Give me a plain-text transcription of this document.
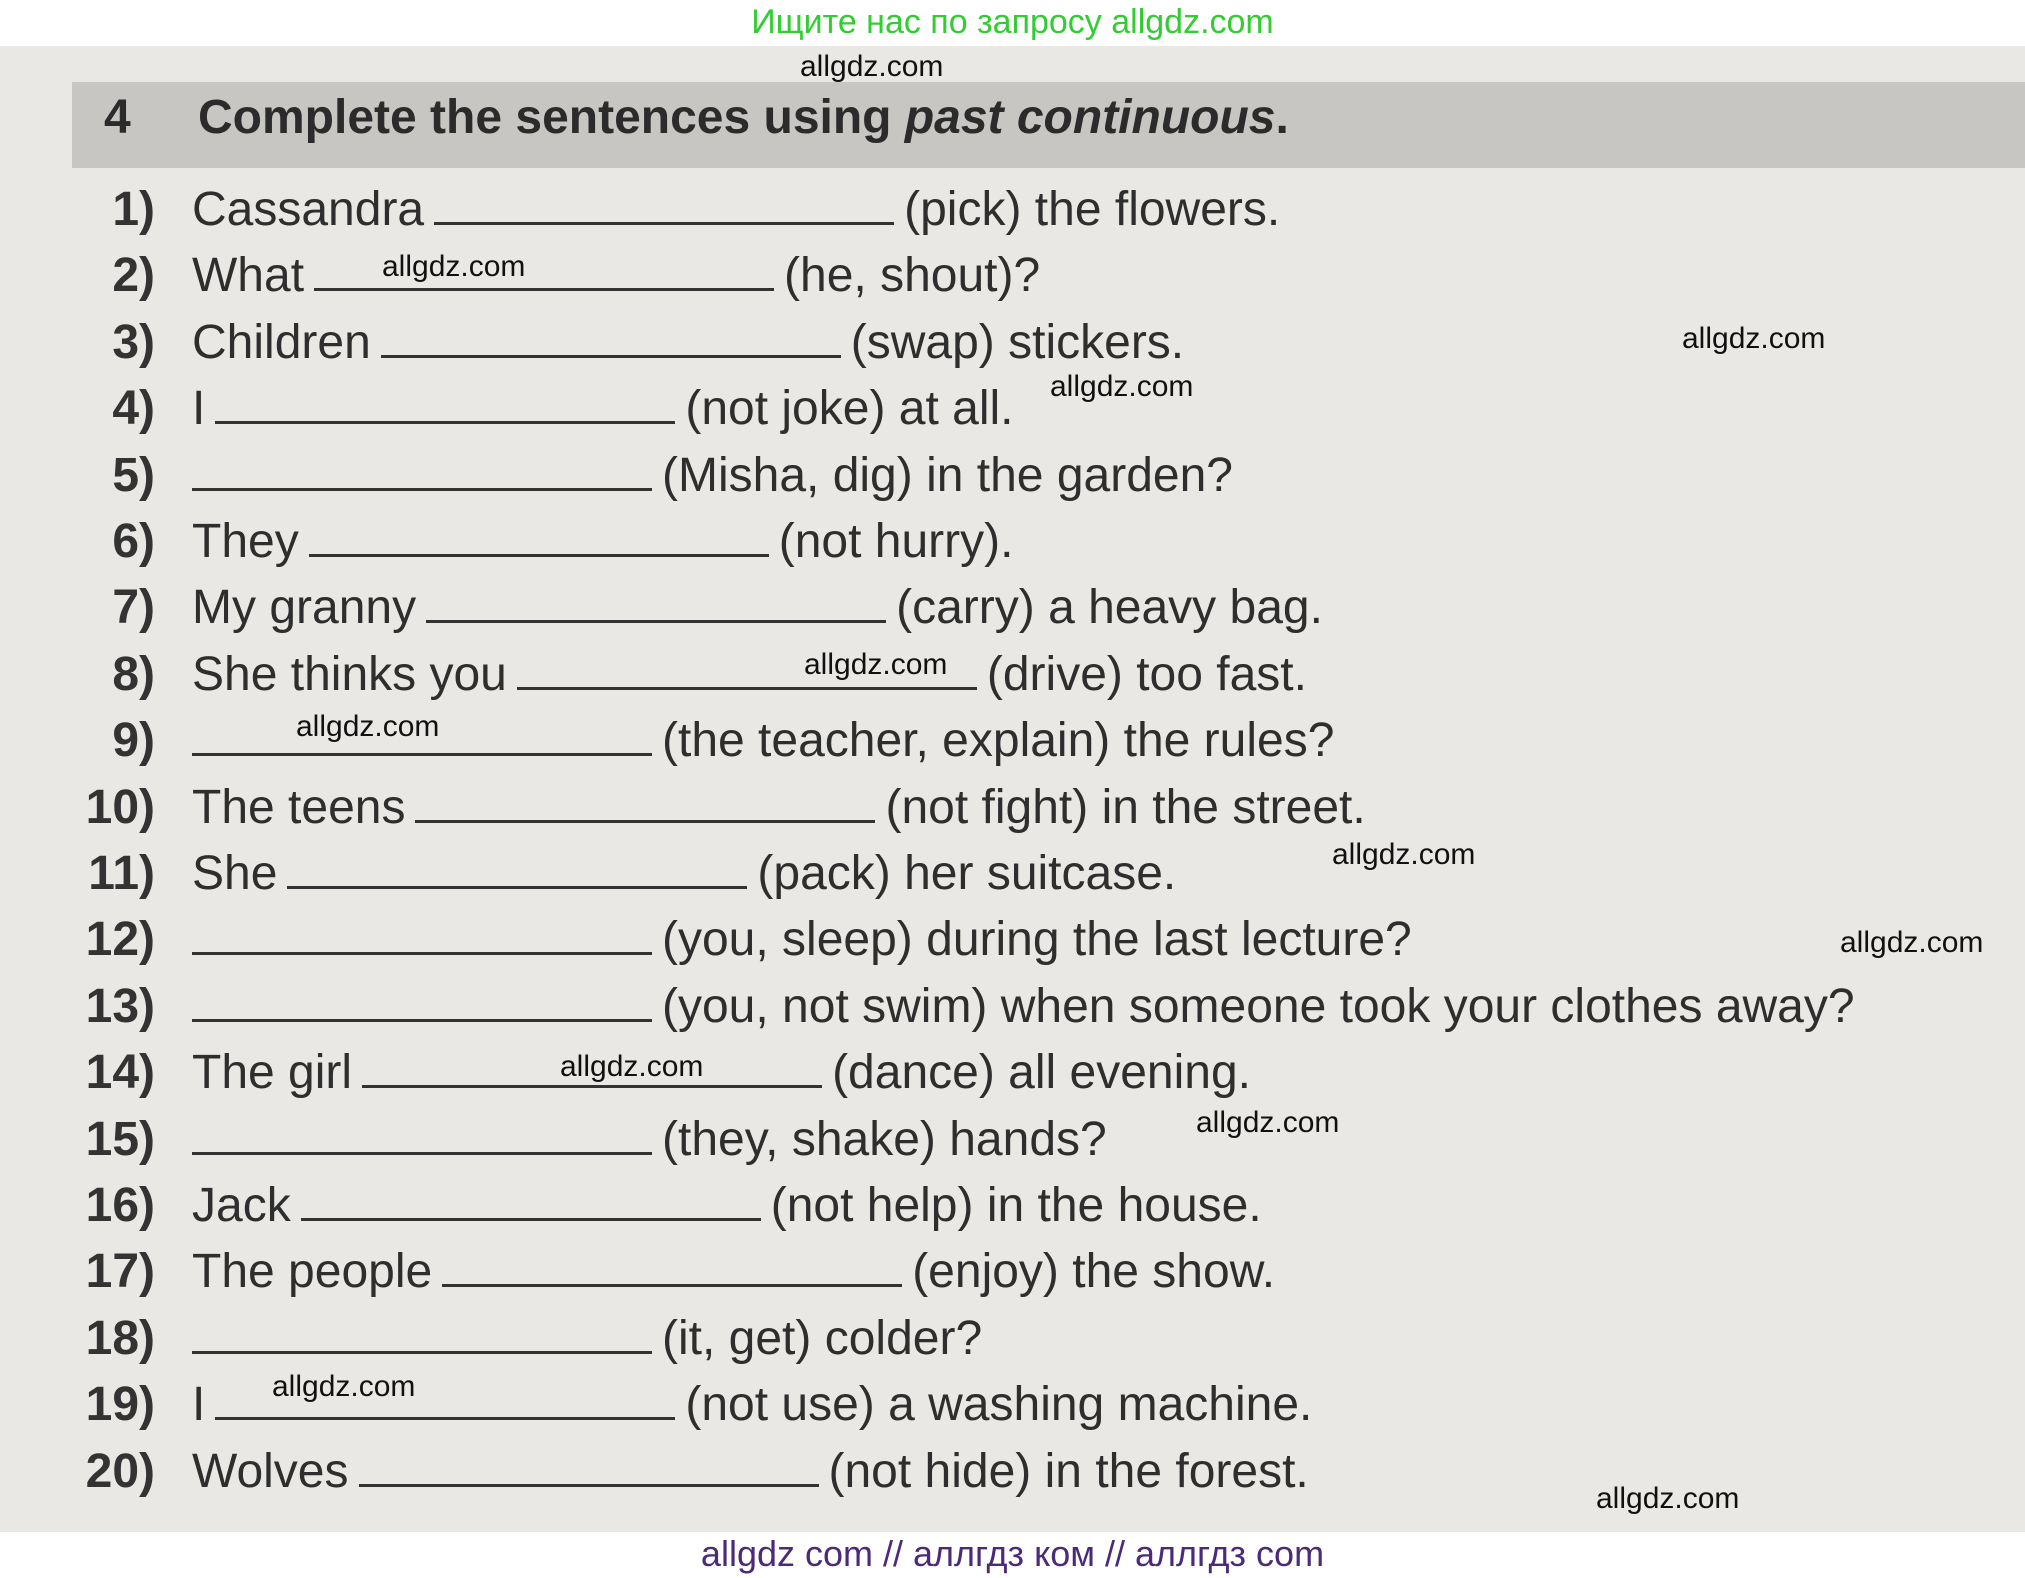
Ищите нас по запросу allgdz.com
4 Complete the sentences using past continuous.
1) Cassandra	(pick) the flowers.
2) What	(he, shout)?
3) Children	(swap) stickers.
4) I	(not joke) at all.
5)	(Misha, dig) in the garden?
6) They	(not hurry).
7) My granny	(carry) a heavy bag.
8) She thinks you	(drive) too fast.
9)	(the teacher, explain) the rules?
10) The teens	(not fight) in the street.
11) She	(pack) her suitcase.
12)	(you, sleep) during the last lecture?
13)	(you, not swim) when someone took your clothes away?
14) The girl	(dance) all evening.
15)	(they, shake) hands?
16) Jack	(not help) in the house.
17) The people	(enjoy) the show.
18)	(it, get) colder?
19) I	(not use) a washing machine.
20) Wolves	(not hide) in the forest.
allgdz.com
allgdz.com
allgdz.com
allgdz.com
allgdz.com
allgdz.com
allgdz.com
allgdz.com
allgdz.com
allgdz.com
allgdz.com
allgdz.com
allgdz com // аллгдз ком // аллгдз com
